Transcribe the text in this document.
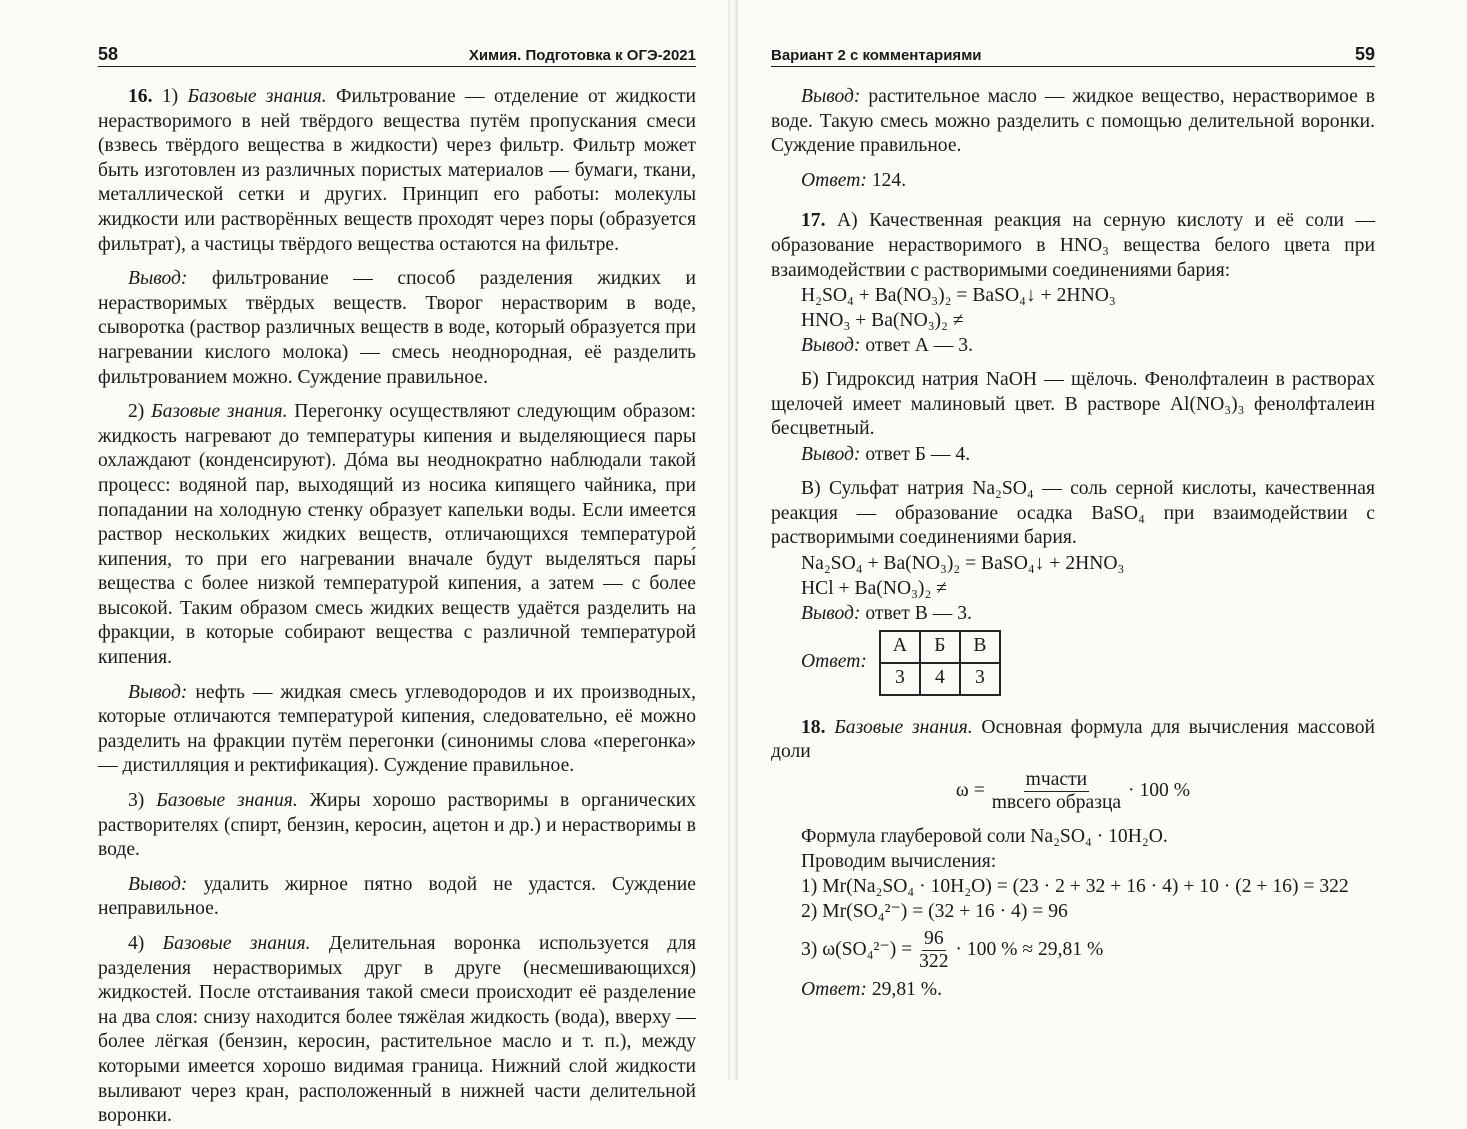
58	Химия. Подготовка к ОГЭ-2021

16. 1) Базовые знания. Фильтрование — отделение от жидкости нерастворимого в ней твёрдого вещества путём пропускания смеси (взвесь твёрдого вещества в жидкости) через фильтр. Фильтр может быть изготовлен из различных пористых материалов — бумаги, ткани, металлической сетки и других. Принцип его работы: молекулы жидкости или растворённых веществ проходят через поры (образуется фильтрат), а частицы твёрдого вещества остаются на фильтре.

Вывод: фильтрование — способ разделения жидких и нерастворимых твёрдых веществ. Творог нерастворим в воде, сыворотка (раствор различных веществ в воде, который образуется при нагревании кислого молока) — смесь неоднородная, её разделить фильтрованием можно. Суждение правильное.

2) Базовые знания. Перегонку осуществляют следующим образом: жидкость нагревают до температуры кипения и выделяющиеся пары охлаждают (конденсируют). Дóма вы неоднократно наблюдали такой процесс: водяной пар, выходящий из носика кипящего чайника, при попадании на холодную стенку образует капельки воды. Если имеется раствор нескольких жидких веществ, отличающихся температурой кипения, то при его нагревании вначале будут выделяться пары́ вещества с более низкой температурой кипения, а затем — с более высокой. Таким образом смесь жидких веществ удаётся разделить на фракции, в которые собирают вещества с различной температурой кипения.

Вывод: нефть — жидкая смесь углеводородов и их производных, которые отличаются температурой кипения, следовательно, её можно разделить на фракции путём перегонки (синонимы слова «перегонка» — дистилляция и ректификация). Суждение правильное.

3) Базовые знания. Жиры хорошо растворимы в органических растворителях (спирт, бензин, керосин, ацетон и др.) и нерастворимы в воде.

Вывод: удалить жирное пятно водой не удастся. Суждение неправильное.

4) Базовые знания. Делительная воронка используется для разделения нерастворимых друг в друге (несмешивающихся) жидкостей. После отстаивания такой смеси происходит её разделение на два слоя: снизу находится более тяжёлая жидкость (вода), вверху — более лёгкая (бензин, керосин, растительное масло и т. п.), между которыми имеется хорошо видимая граница. Нижний слой жидкости выливают через кран, расположенный в нижней части делительной воронки.

Вариант 2 с комментариями	59

Вывод: растительное масло — жидкое вещество, нерастворимое в воде. Такую смесь можно разделить с помощью делительной воронки. Суждение правильное.

Ответ: 124.

17. А) Качественная реакция на серную кислоту и её соли — образование нерастворимого в HNO₃ вещества белого цвета при взаимодействии с растворимыми соединениями бария:

H₂SO₄ + Ba(NO₃)₂ = BaSO₄↓ + 2HNO₃
HNO₃ + Ba(NO₃)₂ ≠
Вывод: ответ А — 3.

Б) Гидроксид натрия NaOH — щёлочь. Фенолфталеин в растворах щелочей имеет малиновый цвет. В растворе Al(NO₃)₃ фенолфталеин бесцветный.

Вывод: ответ Б — 4.

В) Сульфат натрия Na₂SO₄ — соль серной кислоты, качественная реакция — образование осадка BaSO₄ при взаимодействии с растворимыми соединениями бария.

Na₂SO₄ + Ba(NO₃)₂ = BaSO₄↓ + 2HNO₃
HCl + Ba(NO₃)₂ ≠
Вывод: ответ В — 3.
Ответ:
А	Б	В
3	4	3

18. Базовые знания. Основная формула для вычисления массовой доли

$\omega = \frac{\text{mчасти}}{\text{mвсего образца}} \cdot 100$ %

Формула глауберовой соли Na₂SO₄ · 10H₂O.
Проводим вычисления:
1) Mr(Na₂SO₄ · 10H₂O) = (23 · 2 + 32 + 16 · 4) + 10 · (2 + 16) = 322
2) Mr(SO₄²⁻) = (32 + 16 · 4) = 96
3) $\omega(SO_4^{2-}) = \frac{96}{322} \cdot 100$ % ≈ 29,81 %
Ответ: 29,81 %.
